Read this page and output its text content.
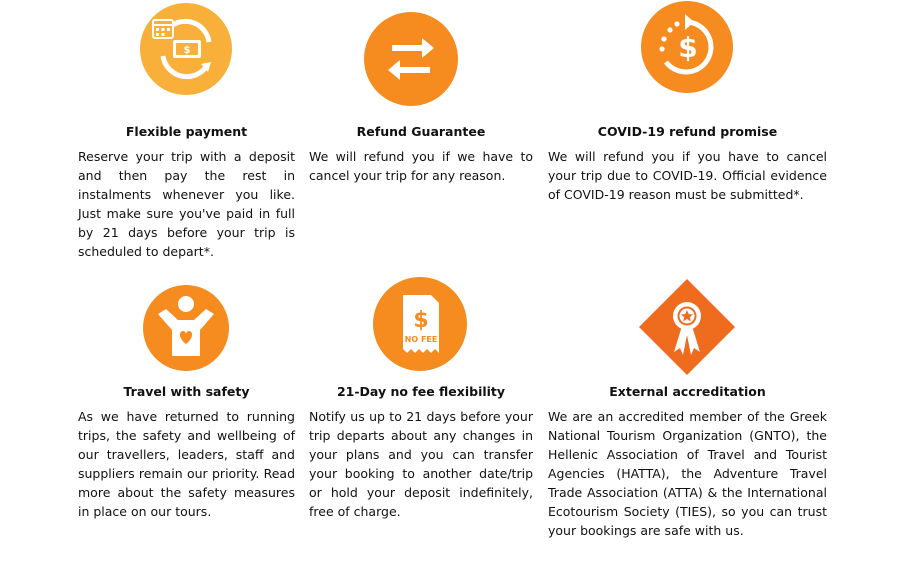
$
Flexible payment

Reserve your trip with a deposit and then pay the rest in instalments whenever you like. Just make sure you've paid in full by 21 days before your trip is scheduled to depart*.

Refund Guarantee

We will refund you if we have to cancel your trip for any reason.

$
COVID-19 refund promise

We will refund you if you have to cancel your trip due to COVID-19. Official evidence of COVID-19 reason must be submitted*.

Travel with safety

As we have returned to running trips, the safety and wellbeing of our travellers, leaders, staff and suppliers remain our priority. Read more about the safety measures in place on our tours.

$
NO FEE
21-Day no fee flexibility

Notify us up to 21 days before your trip departs about any changes in your plans and you can transfer your booking to another date/trip or hold your deposit indefinitely, free of charge.

External accreditation

We are an accredited member of the Greek National Tourism Organization (GNTO), the Hellenic Association of Travel and Tourist Agencies (HATTA), the Adventure Travel Trade Association (ATTA) & the International Ecotourism Society (TIES), so you can trust your bookings are safe with us.
